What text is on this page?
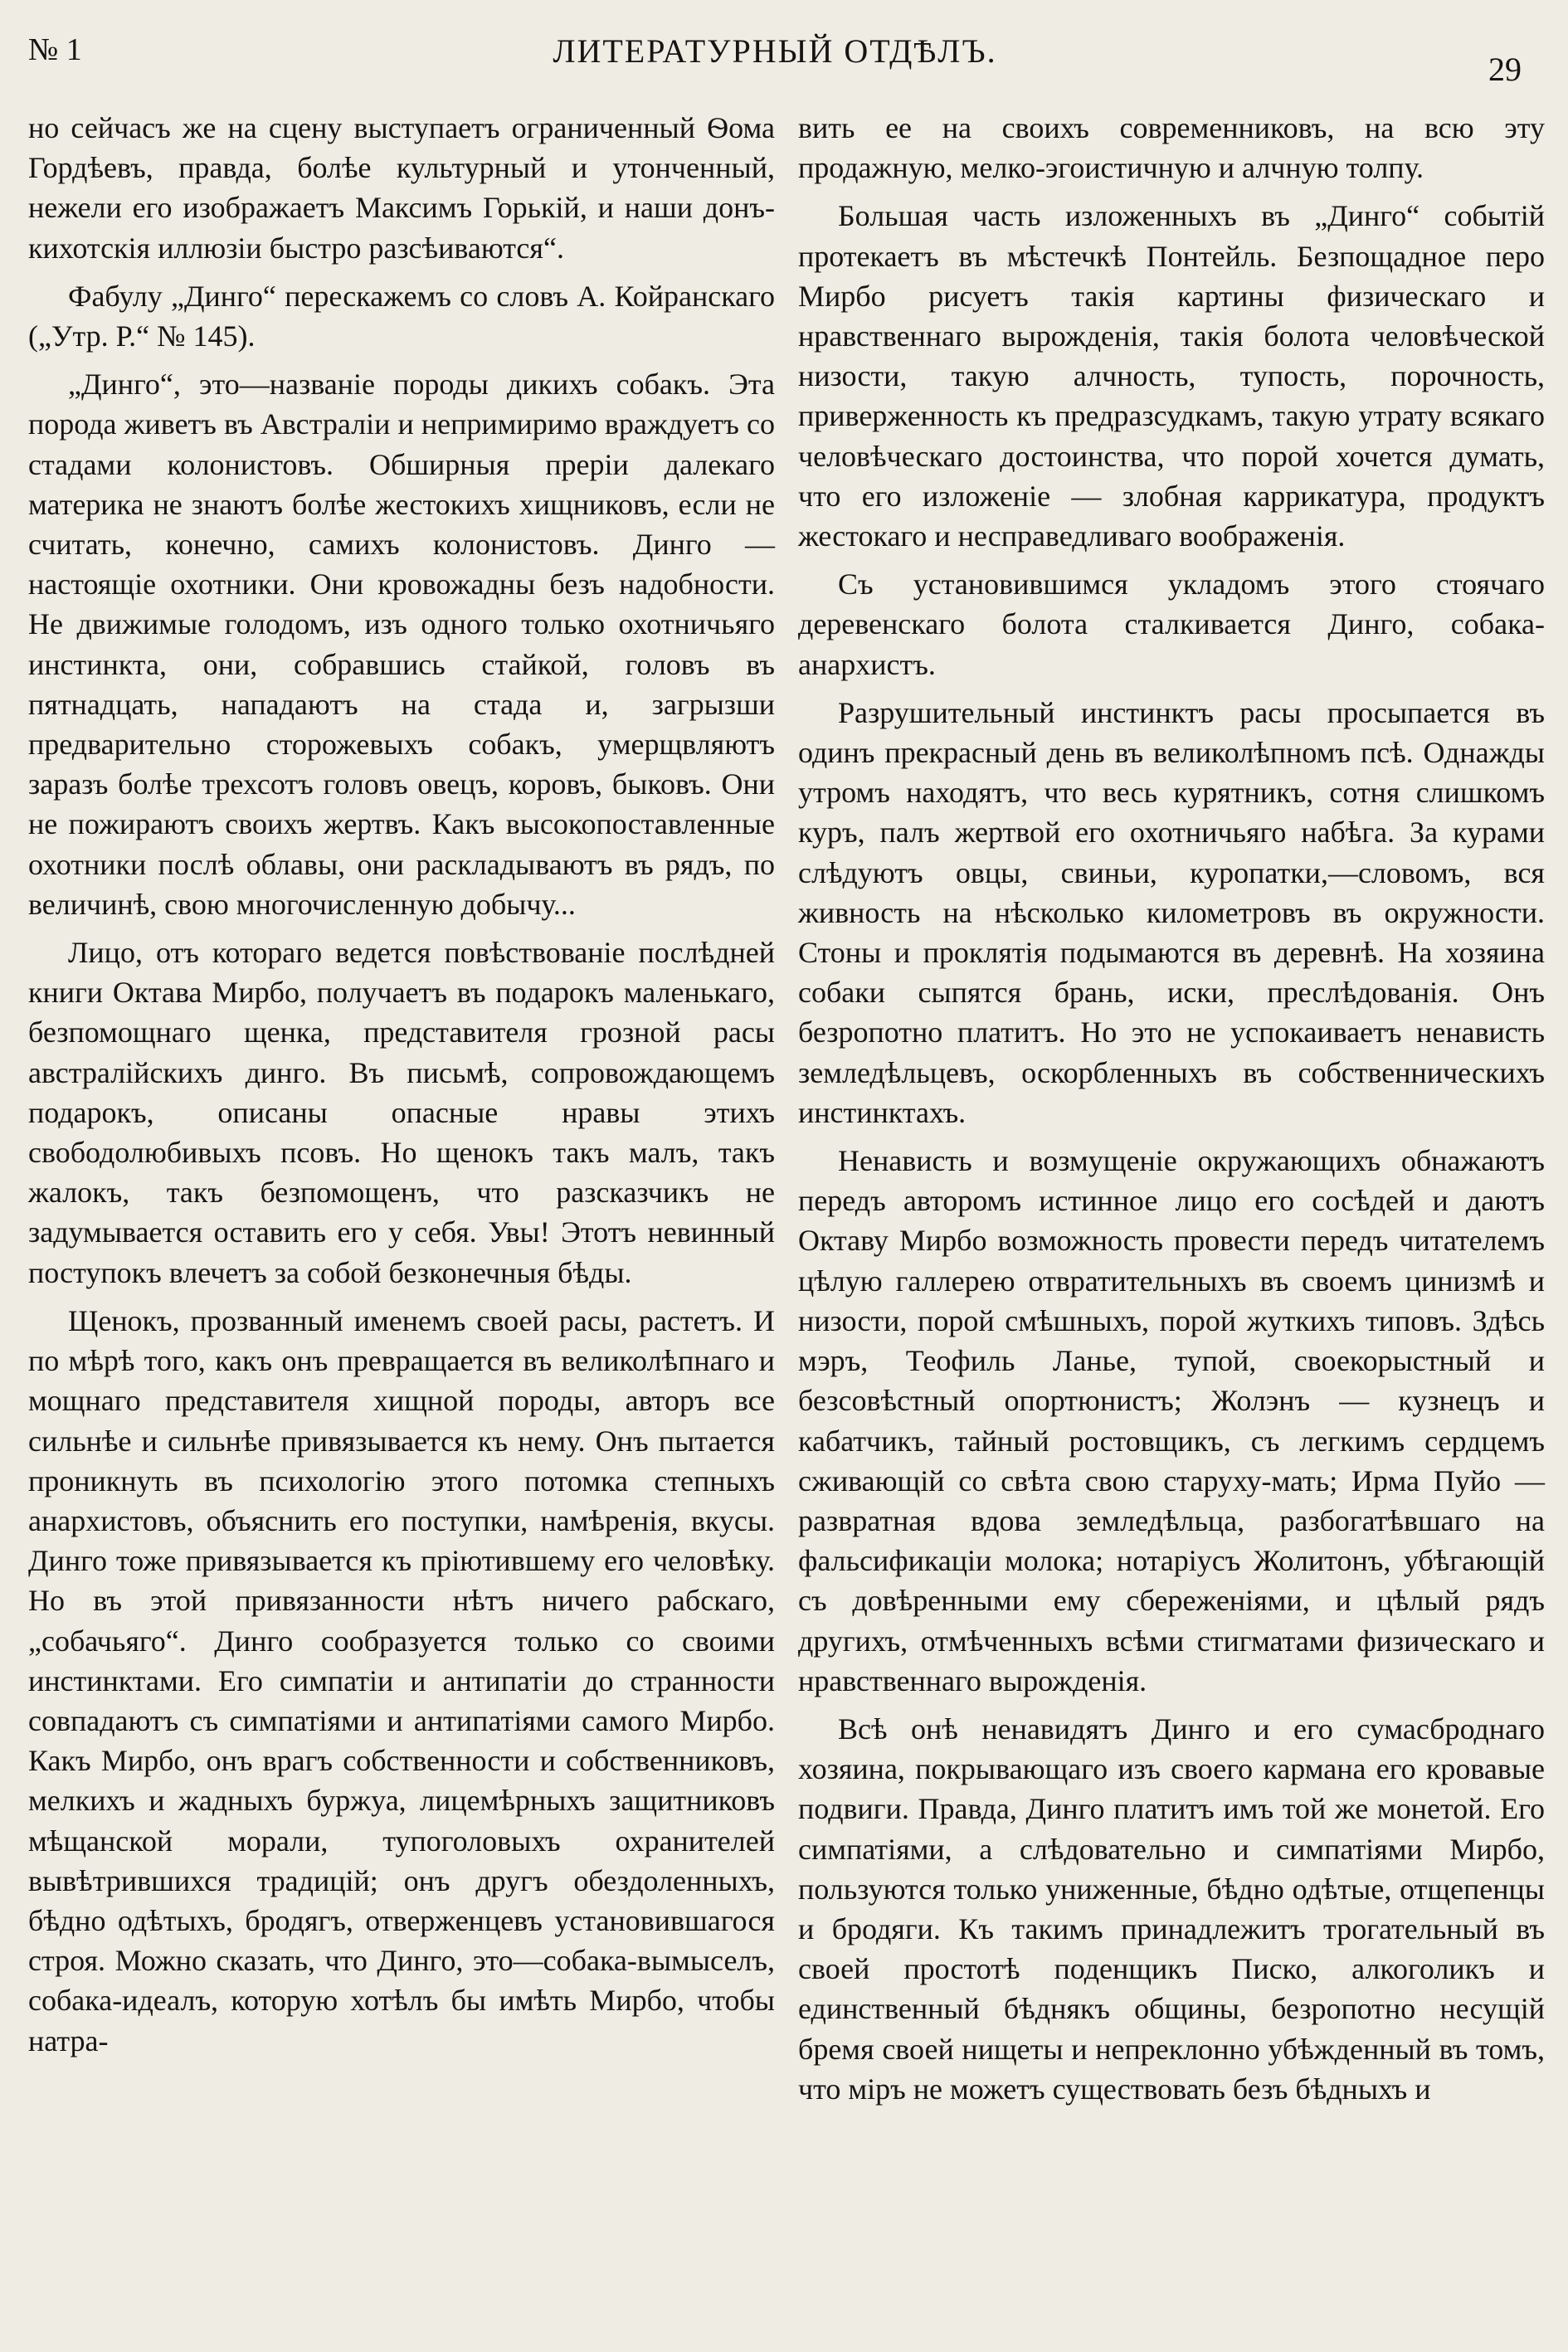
№ 1	ЛИТЕРАТУРНЫЙ ОТДѢЛЪ.	29

но сейчасъ же на сцену выступаетъ ограниченный Ѳома Гордѣевъ, правда, болѣе культурный и утонченный, нежели его изображаетъ Максимъ Горькій, и наши донъ-кихотскія иллюзіи быстро разсѣиваются“.

Фабулу „Динго“ перескажемъ со словъ А. Койранскаго („Утр. Р.“ № 145).

„Динго“, это—названіе породы дикихъ собакъ. Эта порода живетъ въ Австраліи и непримиримо враждуетъ со стадами колонистовъ. Обширныя преріи далекаго материка не знаютъ болѣе жестокихъ хищниковъ, если не считать, конечно, самихъ колонистовъ. Динго — настоящіе охотники. Они кровожадны безъ надобности. Не движимые голодомъ, изъ одного только охотничьяго инстинкта, они, собравшись стайкой, головъ въ пятнадцать, нападаютъ на стада и, загрызши предварительно сторожевыхъ собакъ, умерщвляютъ заразъ болѣе трехсотъ головъ овецъ, коровъ, быковъ. Они не пожираютъ своихъ жертвъ. Какъ высокопоставленные охотники послѣ облавы, они раскладываютъ въ рядъ, по величинѣ, свою многочисленную добычу...

Лицо, отъ котораго ведется повѣствованіе послѣдней книги Октава Мирбо, получаетъ въ подарокъ маленькаго, безпомощнаго щенка, представителя грозной расы австралійскихъ динго. Въ письмѣ, сопровождающемъ подарокъ, описаны опасные нравы этихъ свободолюбивыхъ псовъ. Но щенокъ такъ малъ, такъ жалокъ, такъ безпомощенъ, что разсказчикъ не задумывается оставить его у себя. Увы! Этотъ невинный поступокъ влечетъ за собой безконечныя бѣды.

Щенокъ, прозванный именемъ своей расы, растетъ. И по мѣрѣ того, какъ онъ превращается въ великолѣпнаго и мощнаго представителя хищной породы, авторъ все сильнѣе и сильнѣе привязывается къ нему. Онъ пытается проникнуть въ психологію этого потомка степныхъ анархистовъ, объяснить его поступки, намѣренія, вкусы. Динго тоже привязывается къ пріютившему его человѣку. Но въ этой привязанности нѣтъ ничего рабскаго, „собачьяго“. Динго сообразуется только со своими инстинктами. Его симпатіи и антипатіи до странности совпадаютъ съ симпатіями и антипатіями самого Мирбо. Какъ Мирбо, онъ врагъ собственности и собственниковъ, мелкихъ и жадныхъ буржуа, лицемѣрныхъ защитниковъ мѣщанской морали, тупоголовыхъ охранителей вывѣтрившихся традицій; онъ другъ обездоленныхъ, бѣдно одѣтыхъ, бродягъ, отверженцевъ установившагося строя. Можно сказать, что Динго, это—собака-вымыселъ, собака-идеалъ, которую хотѣлъ бы имѣть Мирбо, чтобы натра-

вить ее на своихъ современниковъ, на всю эту продажную, мелко-эгоистичную и алчную толпу.

Большая часть изложенныхъ въ „Динго“ событій протекаетъ въ мѣстечкѣ Понтейль. Безпощадное перо Мирбо рисуетъ такія картины физическаго и нравственнаго вырожденія, такія болота человѣческой низости, такую алчность, тупость, порочность, приверженность къ предразсудкамъ, такую утрату всякаго человѣческаго достоинства, что порой хочется думать, что его изложеніе — злобная каррикатура, продуктъ жестокаго и несправедливаго воображенія.

Съ установившимся укладомъ этого стоячаго деревенскаго болота сталкивается Динго, собака-анархистъ.

Разрушительный инстинктъ расы просыпается въ одинъ прекрасный день въ великолѣпномъ псѣ. Однажды утромъ находятъ, что весь курятникъ, сотня слишкомъ куръ, палъ жертвой его охотничьяго набѣга. За курами слѣдуютъ овцы, свиньи, куропатки,—словомъ, вся живность на нѣсколько километровъ въ окружности. Стоны и проклятія подымаются въ деревнѣ. На хозяина собаки сыпятся брань, иски, преслѣдованія. Онъ безропотно платитъ. Но это не успокаиваетъ ненависть земледѣльцевъ, оскорбленныхъ въ собственническихъ инстинктахъ.

Ненависть и возмущеніе окружающихъ обнажаютъ передъ авторомъ истинное лицо его сосѣдей и даютъ Октаву Мирбо возможность провести передъ читателемъ цѣлую галлерею отвратительныхъ въ своемъ цинизмѣ и низости, порой смѣшныхъ, порой жуткихъ типовъ. Здѣсь мэръ, Теофиль Ланье, тупой, своекорыстный и безсовѣстный опортюнистъ; Жолэнъ — кузнецъ и кабатчикъ, тайный ростовщикъ, съ легкимъ сердцемъ сживающій со свѣта свою старуху-мать; Ирма Пуйо — развратная вдова земледѣльца, разбогатѣвшаго на фальсификаціи молока; нотаріусъ Жолитонъ, убѣгающій съ довѣренными ему сбереженіями, и цѣлый рядъ другихъ, отмѣченныхъ всѣми стигматами физическаго и нравственнаго вырожденія.

Всѣ онѣ ненавидятъ Динго и его сумасброднаго хозяина, покрывающаго изъ своего кармана его кровавые подвиги. Правда, Динго платитъ имъ той же монетой. Его симпатіями, а слѣдовательно и симпатіями Мирбо, пользуются только униженные, бѣдно одѣтые, отщепенцы и бродяги. Къ такимъ принадлежитъ трогательный въ своей простотѣ поденщикъ Писко, алкоголикъ и единственный бѣднякъ общины, безропотно несущій бремя своей нищеты и непреклонно убѣжденный въ томъ, что міръ не можетъ существовать безъ бѣдныхъ и
